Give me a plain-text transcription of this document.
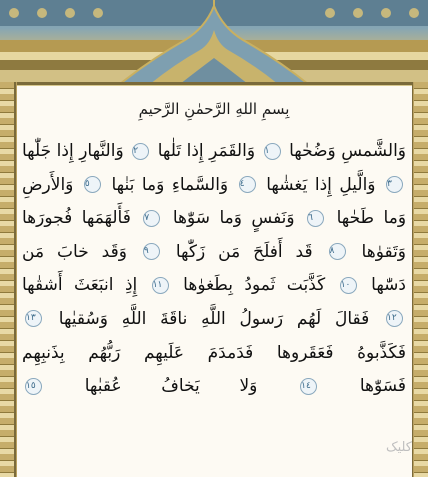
بِسمِ اللهِ الرَّحمٰنِ الرَّحيمِ
وَالشَّمسِ وَضُحٰها ١ وَالقَمَرِ إِذا تَلٰها ٢ وَالنَّهارِ إِذا جَلّٰها
٣ وَالَّيلِ إِذا يَغشٰها ٤ وَالسَّماءِ وَما بَنٰها ٥ وَالأَرضِ
وَما طَحٰها ٦ وَنَفسٍ وَما سَوّٰها ٧ فَأَلهَمَها فُجورَها
وَتَقوٰها ٨ قَد أَفلَحَ مَن زَكّٰها ٩ وَقَد خابَ مَن
دَسّٰها ١٠ كَذَّبَت ثَمودُ بِطَغوٰها ١١ إِذِ انبَعَثَ أَشقٰها
١٢ فَقالَ لَهُم رَسولُ اللَّهِ ناقَةَ اللَّهِ وَسُقيٰها ١٣
فَكَذَّبوهُ فَعَقَروها فَدَمدَمَ عَلَيهِم رَبُّهُم بِذَنبِهِم
فَسَوّٰها ١٤ وَلا يَخافُ عُقبٰها ١٥
کلیک
